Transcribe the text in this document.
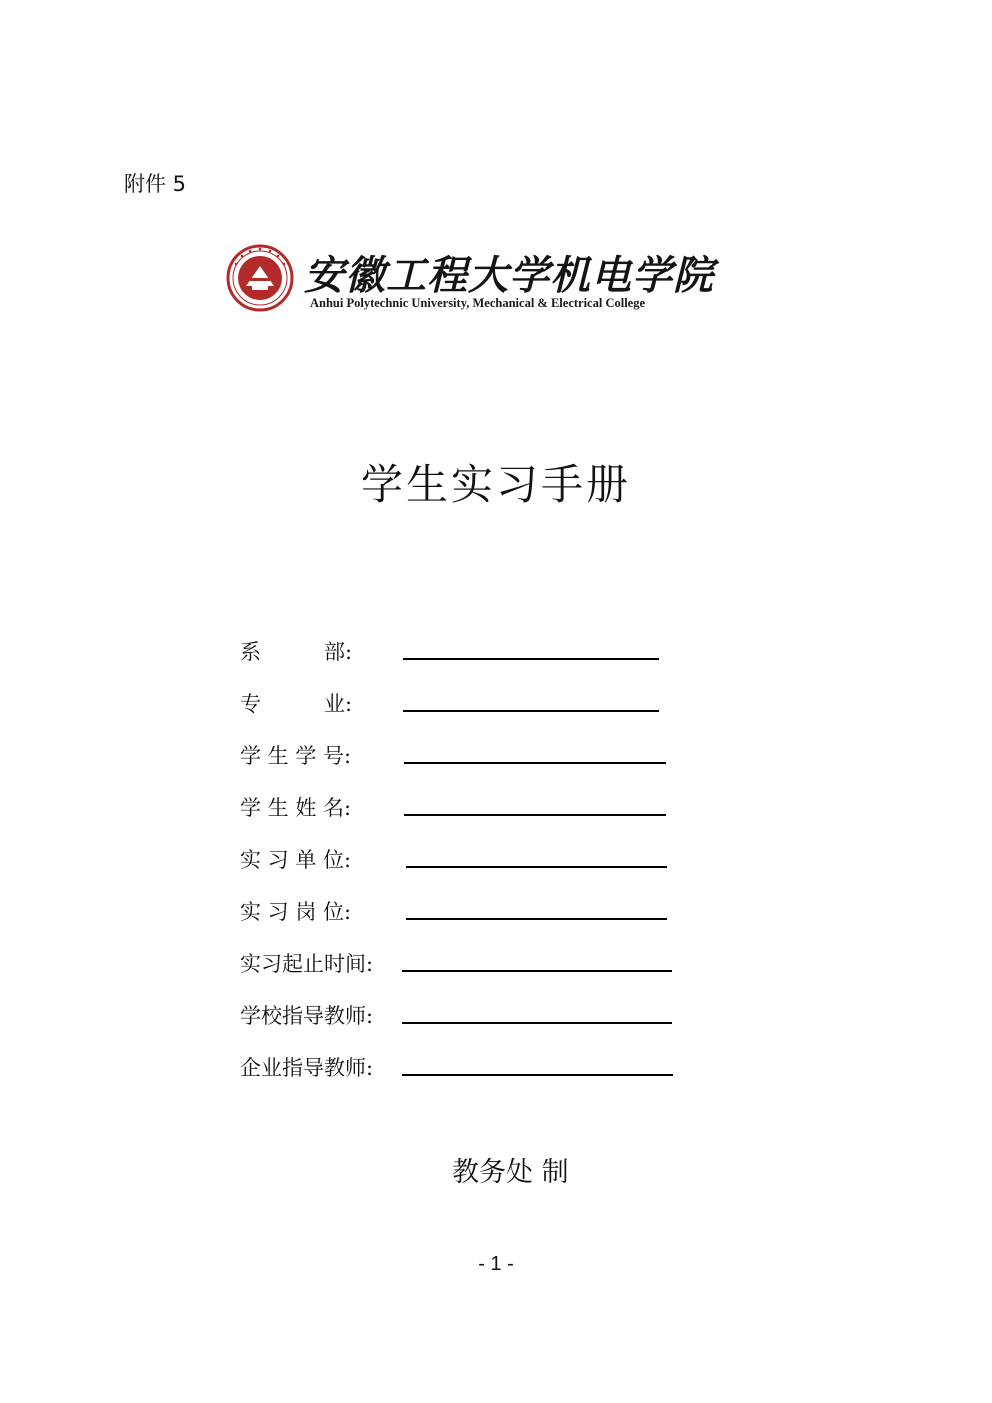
附件 5
安徽工程大学机电学院
Anhui Polytechnic University, Mechanical & Electrical College
学生实习手册
系　　　部:
专　　　业:
学 生 学 号:
学 生 姓 名:
实 习 单 位:
实 习 岗 位:
实习起止时间:
学校指导教师:
企业指导教师:
教务处 制
- 1 -
